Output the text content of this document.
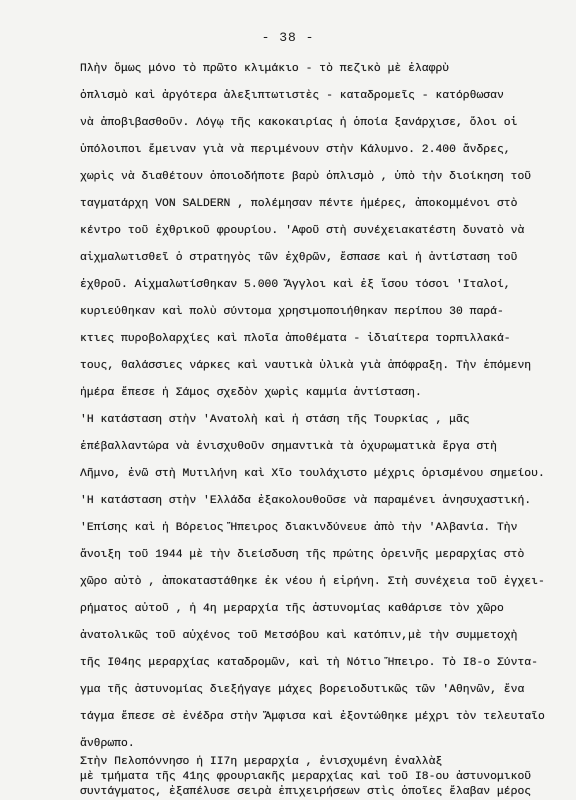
- 38 -
Πλὴν ὅμως μόνο τὸ πρῶτο κλιμάκιο - τὸ πεζικὸ μὲ ἐλαφρὺ
ὁπλισμὸ καὶ ἀργότερα ἀλεξιπτωτιστὲς - καταδρομεῖς - κατόρθωσαν
νὰ ἀποβιβασθοῦν. Λόγῳ τῆς κακοκαιρίας ἡ ὁποία ξανάρχισε, ὅλοι οἱ
ὑπόλοιποι ἔμειναν γιὰ νὰ περιμένουν στὴν Κάλυμνο. 2.400 ἄνδρες,
χωρὶς νὰ διαθέτουν ὁποιοδήποτε βαρὺ ὁπλισμὸ , ὑπὸ τὴν διοίκηση τοῦ
ταγματάρχη VON SALDERN , πολέμησαν πέντε ἡμέρες, ἀποκομμένοι στὸ
κέντρο τοῦ ἐχθρικοῦ φρουρίου. 'Αφοῦ στὴ συνέχειακατέστη δυνατὸ νὰ
αἰχμαλωτισθεῖ ὁ στρατηγὸς τῶν ἐχθρῶν, ἔσπασε καὶ ἡ ἀντίσταση τοῦ
ἐχθροῦ. Αἰχμαλωτίσθηκαν 5.000 Ἄγγλοι καὶ ἐξ ἴσου τόσοι 'Ιταλοί,
κυριεύθηκαν καὶ πολὺ σύντομα χρησιμοποιήθηκαν περίπου 30 παρά-
κτιες πυροβολαρχίες καὶ πλοῖα ἀποθέματα - ἰδιαίτερα τορπιλλακά-
τους, θαλάσσιες νάρκες καὶ ναυτικὰ ὑλικὰ γιὰ ἀπόφραξη. Τὴν ἑπόμενη
ἡμέρα ἔπεσε ἡ Σάμος σχεδὸν χωρὶς καμμία ἀντίσταση.
'Η κατάσταση στὴν 'Ανατολὴ καὶ ἡ στάση τῆς Τουρκίας , μᾶς
ἐπέβαλλαντώρα νὰ ἐνισχυθοῦν σημαντικὰ τὰ ὀχυρωματικὰ ἔργα στὴ
Λῆμνο, ἐνῶ στὴ Μυτιλήνη καὶ Χῖο τουλάχιστο μέχρις ὁρισμένου σημείου.
'Η κατάσταση στὴν 'Ελλάδα ἐξακολουθοῦσε νὰ παραμένει ἀνησυχαστική.
'Επίσης καὶ ἡ Βόρειος Ἤπειρος διακινδύνευε ἀπὸ τὴν 'Αλβανία. Τὴν
ἄνοιξη τοῦ 1944 μὲ τὴν διείσδυση τῆς πρώτης ὀρεινῆς μεραρχίας στὸ
χῶρο αὐτὸ , ἀποκαταστάθηκε ἐκ νέου ἡ εἰρήνη. Στὴ συνέχεια τοῦ ἐγχει-
ρήματος αὐτοῦ , ἡ 4η μεραρχία τῆς ἀστυνομίας καθάρισε τὸν χῶρο
ἀνατολικῶς τοῦ αὐχένος τοῦ Μετσόβου καὶ κατόπιν,μὲ τὴν συμμετοχὴ
τῆς Ι04ης μεραρχίας καταδρομῶν, καὶ τὴ Νότιο Ἤπειρο. Τὸ Ι8-ο Σύντα-
γμα τῆς ἀστυνομίας διεξήγαγε μάχες βορειοδυτικῶς τῶν 'Αθηνῶν, ἕνα
τάγμα ἔπεσε σὲ ἐνέδρα στὴν Ἄμφισα καὶ ἐξοντώθηκε μέχρι τὸν τελευταῖο
ἄνθρωπο.
Στὴν Πελοπόννησο ἡ ΙΙ7η μεραρχία , ἐνισχυμένη ἐναλλὰξ
μὲ τμήματα τῆς 41ης φρουριακῆς μεραρχίας καὶ τοῦ Ι8-ου ἀστυνομικοῦ
συντάγματος, ἐξαπέλυσε σειρὰ ἐπιχειρήσεων στὶς ὁποῖες ἔλαβαν μέρος
